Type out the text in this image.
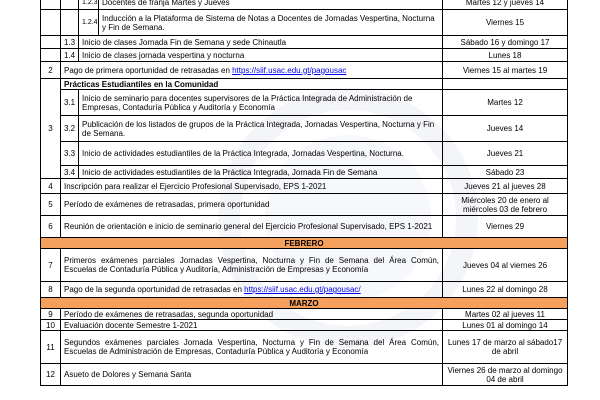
		1.2.3	Docentes de franja Martes y Jueves	Martes 12 y jueves 14
		1.2.4	Inducción a la Plataforma de Sistema de Notas a Docentes de Jornadas Vespertina, Nocturna y Fin de Semana.	Viernes 15
	1.3	Inicio de clases Jornada Fin de Semana y sede Chinautla		Sábado 16 y domingo 17
	1.4	Inicio de clases jornada vespertina y nocturna		Lunes 18
2	Pago de primera oportunidad de retrasadas en https://siif.usac.edu.gt/pagousac			Viernes 15 al martes 19
3	Prácticas Estudiantiles en la Comunidad			
	3.1	Inicio de seminario para docentes supervisores de la Práctica Integrada de Administración de Empresas, Contaduría Pública y Auditoría y Economía		Martes 12
	3.2	Publicación de los listados de grupos de la Práctica Integrada, Jornadas Vespertina, Nocturna y Fin de Semana.		Jueves 14
	3.3	Inicio de actividades estudiantiles de la Práctica Integrada, Jornadas Vespertina, Nocturna.		Jueves 21
	3.4	Inicio de actividades estudiantiles de la Práctica Integrada, Jornada Fin de Semana		Sábado 23
4	Inscripción para realizar el Ejercicio Profesional Supervisado, EPS 1-2021			Jueves 21 al jueves 28
5	Período de exámenes de retrasadas, primera oportunidad			Miércoles 20 de enero al miércoles 03 de febrero
6	Reunión de orientación e inicio de seminario general del Ejercicio Profesional Supervisado, EPS 1-2021			Viernes 29
FEBRERO				
7	Primeros exámenes parciales Jornadas Vespertina, Nocturna y Fin de Semana del Área Común, Escuelas de Contaduría Pública y Auditoría, Administración de Empresas y Economía			Jueves 04 al viernes 26
8	Pago de la segunda oportunidad de retrasadas en https://siif.usac.edu.gt/pagousac/			Lunes 22 al domingo 28
MARZO				
9	Período de exámenes de retrasadas, segunda oportunidad			Martes 02 al jueves 11
10	Evaluación docente Semestre 1-2021			Lunes 01 al domingo 14
11	Segundos exámenes parciales Jornada Vespertina, Nocturna y Fin de Semana del Área Común, Escuelas de Administración de Empresas, Contaduría Pública y Auditoría y Economía			Lunes 17 de marzo al sábado17 de abril
12	Asueto de Dolores y Semana Santa			Viernes 26 de marzo al domingo 04 de abril
